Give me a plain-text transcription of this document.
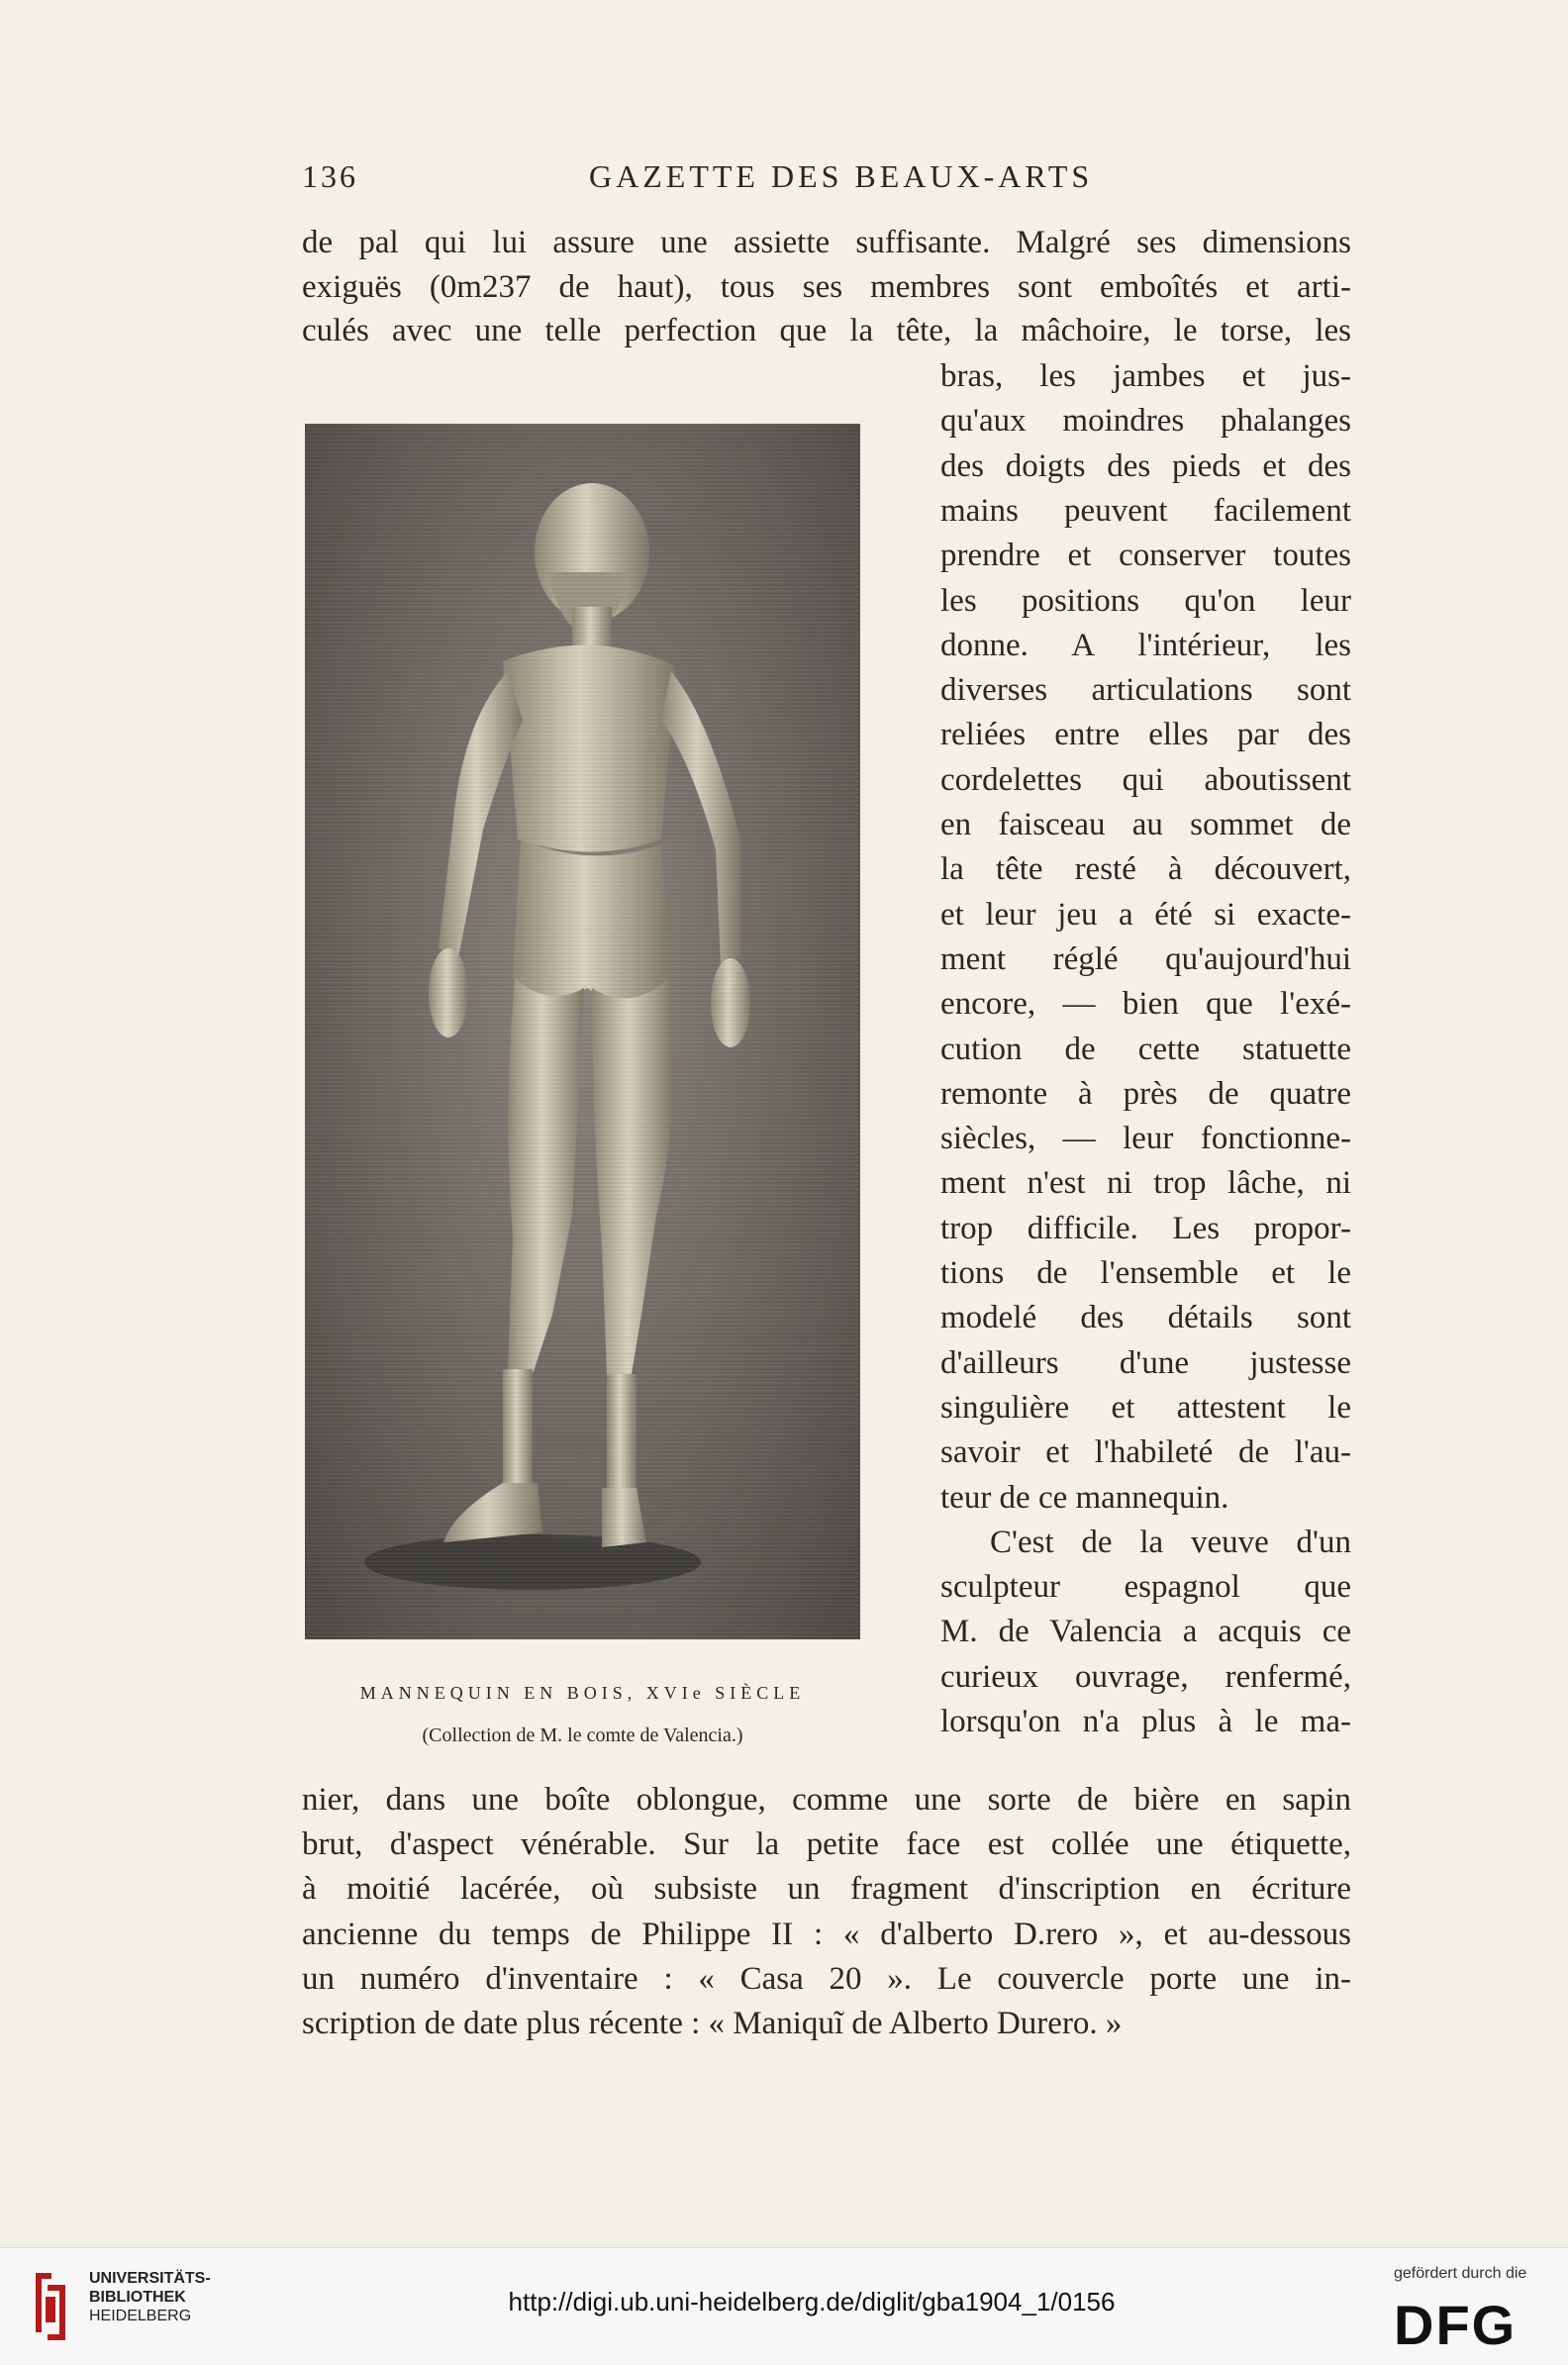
136	GAZETTE DES BEAUX-ARTS
de pal qui lui assure une assiette suffisante. Malgré ses dimensions
exiguës (0m237 de haut), tous ses membres sont emboîtés et arti-
culés avec une telle perfection que la tête, la mâchoire, le torse, les
bras, les jambes et jus-
qu'aux moindres phalanges
des doigts des pieds et des
mains peuvent facilement
prendre et conserver toutes
les positions qu'on leur
donne. A l'intérieur, les
diverses articulations sont
reliées entre elles par des
cordelettes qui aboutissent
en faisceau au sommet de
la tête resté à découvert,
et leur jeu a été si exacte-
ment réglé qu'aujourd'hui
encore, — bien que l'exé-
cution de cette statuette
remonte à près de quatre
siècles, — leur fonctionne-
ment n'est ni trop lâche, ni
trop difficile. Les propor-
tions de l'ensemble et le
modelé des détails sont
d'ailleurs d'une justesse
singulière et attestent le
savoir et l'habileté de l'au-
teur de ce mannequin.
C'est de la veuve d'un
sculpteur espagnol que
M. de Valencia a acquis ce
curieux ouvrage, renfermé,
lorsqu'on n'a plus à le ma-
nier, dans une boîte oblongue, comme une sorte de bière en sapin
brut, d'aspect vénérable. Sur la petite face est collée une étiquette,
à moitié lacérée, où subsiste un fragment d'inscription en écriture
ancienne du temps de Philippe II : « d'alberto D.rero », et au-dessous
un numéro d'inventaire : « Casa 20 ». Le couvercle porte une in-
scription de date plus récente : « Maniquĩ de Alberto Durero. »
MANNEQUIN EN BOIS, XVIe SIÈCLE
(Collection de M. le comte de Valencia.)
UNIVERSITÄTS-
BIBLIOTHEK
HEIDELBERG	http://digi.ub.uni-heidelberg.de/diglit/gba1904_1/0156
gefördert durch die
DFG
